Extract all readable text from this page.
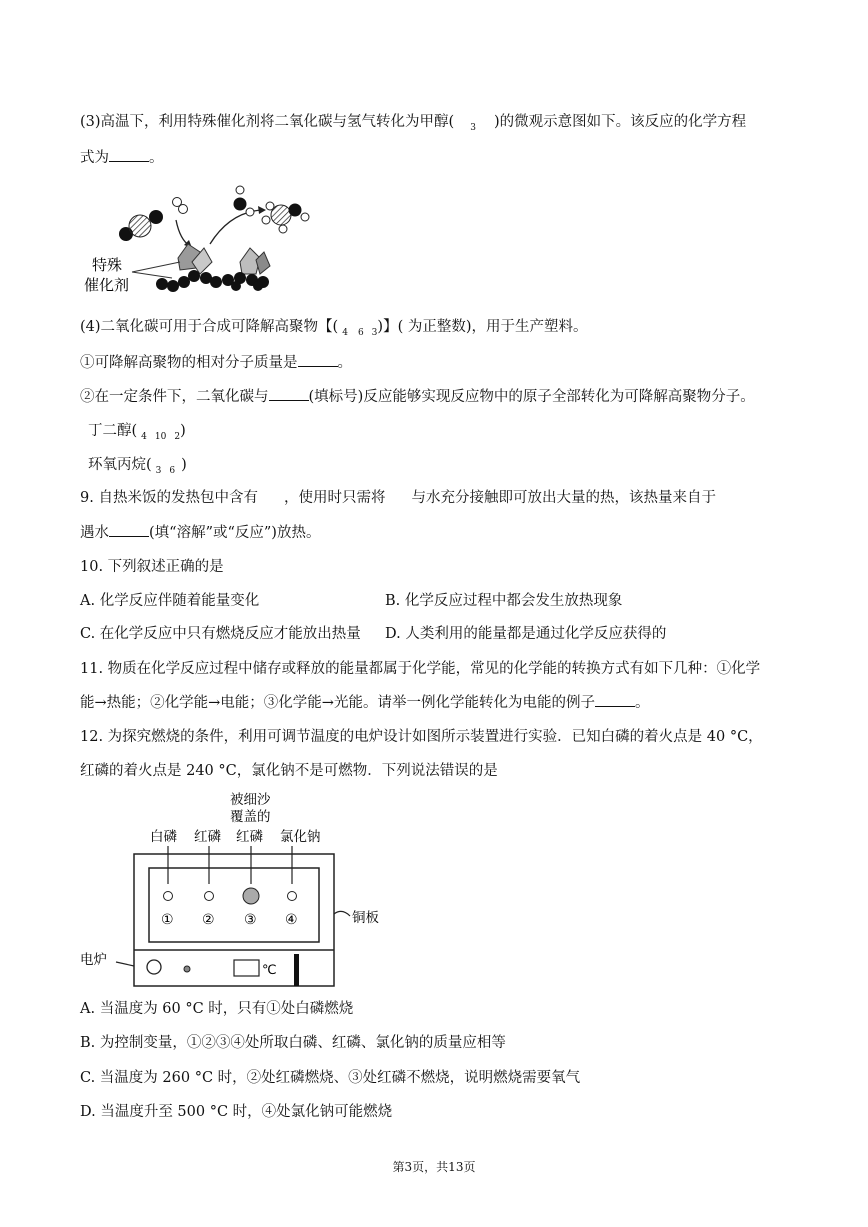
(3)高温下，利用特殊催化剂将二氧化碳与氢气转化为甲醇( $_3$ )的微观示意图如下。该反应的化学方程
式为	。
特殊
催化剂
(4)二氧化碳可用于合成可降解高聚物【( $_4$ $_6$ $_3$)】( 为正整数)，用于生产塑料。
①可降解高聚物的相对分子质量是	。
②在一定条件下，二氧化碳与	(填标号)反应能够实现反应物中的原子全部转化为可降解高聚物分子。
丁二醇( $_4$ $_{10}$ $_2$)
环氧丙烷( $_3$ $_6$ )
9. 自热米饭的发热包中含有 ，使用时只需将 与水充分接触即可放出大量的热，该热量来自于
遇水	(填“溶解”或“反应”)放热。
10. 下列叙述正确的是
A. 化学反应伴随着能量变化	B. 化学反应过程中都会发生放热现象
C. 在化学反应中只有燃烧反应才能放出热量 D. 人类利用的能量都是通过化学反应获得的
11. 物质在化学反应过程中储存或释放的能量都属于化学能，常见的化学能的转换方式有如下几种：①化学
能→热能；②化学能→电能；③化学能→光能。请举一例化学能转化为电能的例子	。
12. 为探究燃烧的条件，利用可调节温度的电炉设计如图所示装置进行实验．已知白磷的着火点是 40 °C，
红磷的着火点是 240 °C，氯化钠不是可燃物．下列说法错误的是
被细沙
覆盖的
白磷 红磷 红磷 氯化钠
① ② ③ ④	铜板
℃
电炉
A. 当温度为 60 °C 时，只有①处白磷燃烧
B. 为控制变量，①②③④处所取白磷、红磷、氯化钠的质量应相等
C. 当温度为 260 °C 时，②处红磷燃烧、③处红磷不燃烧，说明燃烧需要氧气
D. 当温度升至 500 °C 时，④处氯化钠可能燃烧
第3页，共13页
